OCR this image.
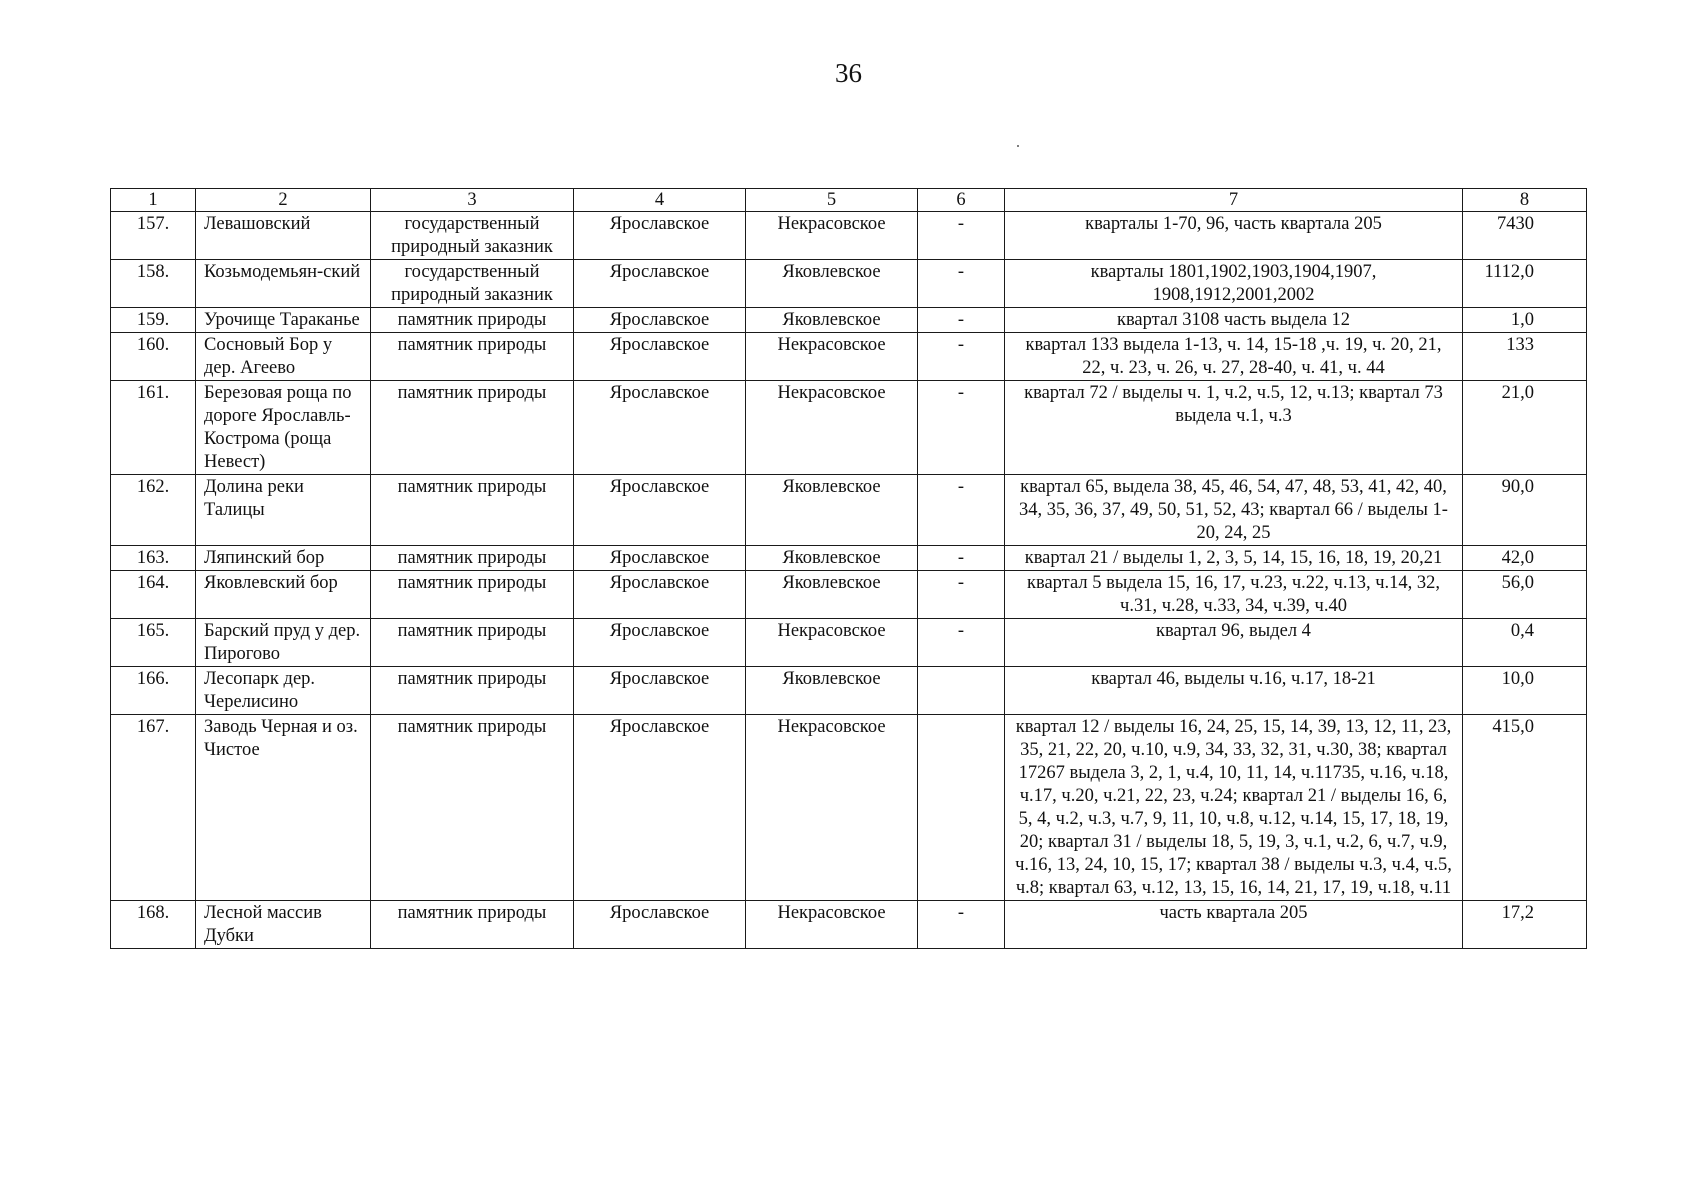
36
1	2	3	4	5	6	7	8
157.	Левашовский	государственный природный заказник	Ярославское	Некрасовское	-	кварталы 1-70, 96, часть квартала 205	7430
158.	Козьмодемьян-ский	государственный природный заказник	Ярославское	Яковлевское	-	кварталы 1801,1902,1903,1904,1907, 1908,1912,2001,2002	1112,0
159.	Урочище Тараканье	памятник природы	Ярославское	Яковлевское	-	квартал 3108 часть выдела 12	1,0
160.	Сосновый Бор у дер. Агеево	памятник природы	Ярославское	Некрасовское	-	квартал 133 выдела 1-13, ч. 14, 15-18 ,ч. 19, ч. 20, 21, 22, ч. 23, ч. 26, ч. 27, 28-40, ч. 41, ч. 44	133
161.	Березовая роща по дороге Ярославль-Кострома (роща Невест)	памятник природы	Ярославское	Некрасовское	-	квартал 72 / выделы ч. 1, ч.2, ч.5, 12, ч.13; квартал 73 выдела ч.1, ч.3	21,0
162.	Долина реки Талицы	памятник природы	Ярославское	Яковлевское	-	квартал 65, выдела 38, 45, 46, 54, 47, 48, 53, 41, 42, 40, 34, 35, 36, 37, 49, 50, 51, 52, 43; квартал 66 / выделы 1-20, 24, 25	90,0
163.	Ляпинский бор	памятник природы	Ярославское	Яковлевское	-	квартал 21 / выделы 1, 2, 3, 5, 14, 15, 16, 18, 19, 20,21	42,0
164.	Яковлевский бор	памятник природы	Ярославское	Яковлевское	-	квартал 5 выдела 15, 16, 17, ч.23, ч.22, ч.13, ч.14, 32, ч.31, ч.28, ч.33, 34, ч.39, ч.40	56,0
165.	Барский пруд у дер. Пирогово	памятник природы	Ярославское	Некрасовское	-	квартал 96, выдел 4	0,4
166.	Лесопарк дер. Черелисино	памятник природы	Ярославское	Яковлевское		квартал 46, выделы ч.16, ч.17, 18-21	10,0
167.	Заводь Черная и оз. Чистое	памятник природы	Ярославское	Некрасовское		квартал 12 / выделы 16, 24, 25, 15, 14, 39, 13, 12, 11, 23, 35, 21, 22, 20, ч.10, ч.9, 34, 33, 32, 31, ч.30, 38; квартал 17267 выдела 3, 2, 1, ч.4, 10, 11, 14, ч.11735, ч.16, ч.18, ч.17, ч.20, ч.21, 22, 23, ч.24; квартал 21 / выделы 16, 6, 5, 4, ч.2, ч.3, ч.7, 9, 11, 10, ч.8, ч.12, ч.14, 15, 17, 18, 19, 20; квартал 31 / выделы 18, 5, 19, 3, ч.1, ч.2, 6, ч.7, ч.9, ч.16, 13, 24, 10, 15, 17; квартал 38 / выделы ч.3, ч.4, ч.5, ч.8; квартал 63, ч.12, 13, 15, 16, 14, 21, 17, 19, ч.18, ч.11	415,0
168.	Лесной массив Дубки	памятник природы	Ярославское	Некрасовское	-	часть квартала 205	17,2
